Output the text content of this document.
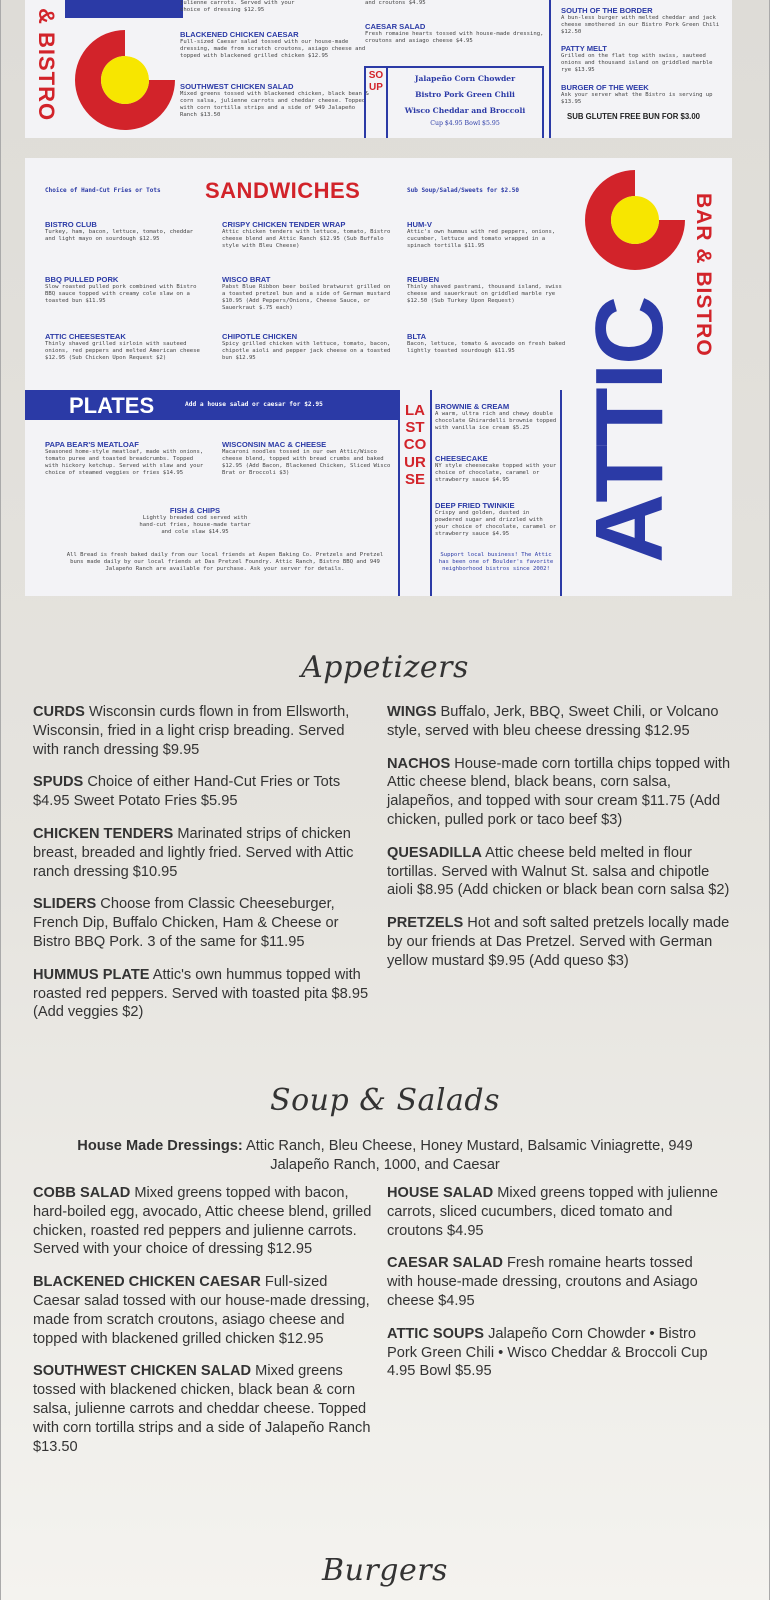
& BISTRO
julienne carrots. Served with your
choice of dressing $12.95
BLACKENED CHICKEN CAESAR
Full-sized Caesar salad tossed with our house-made dressing, made from scratch croutons, asiago cheese and topped with blackened grilled chicken $12.95
SOUTHWEST CHICKEN SALAD
Mixed greens tossed with blackened chicken, black bean & corn salsa, julienne carrots and cheddar cheese. Topped with corn tortilla strips and a side of 949 Jalapeño Ranch $13.50
and croutons $4.95
CAESAR SALAD
Fresh romaine hearts tossed with house-made dressing, croutons and asiago cheese $4.95
SOUP
Jalapeño Corn Chowder
Bistro Pork Green Chili
Wisco Cheddar and Broccoli
Cup $4.95 Bowl $5.95
SOUTH OF THE BORDER
A bun-less burger with melted cheddar and jack cheese smothered in our Bistro Pork Green Chili $12.50
PATTY MELT
Grilled on the flat top with swiss, sauteed onions and thousand island on griddled marble rye $13.95
BURGER OF THE WEEK
Ask your server what the Bistro is serving up $13.95
SUB GLUTEN FREE BUN FOR $3.00
Choice of Hand-Cut Fries or Tots SANDWICHES	Sub Soup/Salad/Sweets for $2.50
BISTRO CLUB
Turkey, ham, bacon, lettuce, tomato, cheddar and light mayo on sourdough $12.95
CRISPY CHICKEN TENDER WRAP
Attic chicken tenders with lettuce, tomato, Bistro cheese blend and Attic Ranch $12.95 (Sub Buffalo style with Bleu Cheese)
HUM-V
Attic's own hummus with red peppers, onions, cucumber, lettuce and tomato wrapped in a spinach tortilla $11.95
BBQ PULLED PORK
Slow roasted pulled pork combined with Bistro BBQ sauce topped with creamy cole slaw on a toasted bun $11.95
WISCO BRAT
Pabst Blue Ribbon beer boiled bratwurst grilled on a toasted pretzel bun and a side of German mustard $10.95 (Add Peppers/Onions, Cheese Sauce, or Sauerkraut $.75 each)
REUBEN
Thinly shaved pastrami, thousand island, swiss cheese and sauerkraut on griddled marble rye $12.50 (Sub Turkey Upon Request)
ATTIC CHEESESTEAK
Thinly shaved grilled sirloin with sauteed onions, red peppers and melted American cheese $12.95 (Sub Chicken Upon Request $2)
CHIPOTLE CHICKEN
Spicy grilled chicken with lettuce, tomato, bacon, chipotle aioli and pepper jack cheese on a toasted bun $12.95
BLTA
Bacon, lettuce, tomato & avocado on fresh baked lightly toasted sourdough $11.95
PLATES	Add a house salad or caesar for $2.95
PAPA BEAR'S MEATLOAF
Seasoned home-style meatloaf, made with onions, tomato puree and toasted breadcrumbs. Topped with hickory ketchup. Served with slaw and your choice of steamed veggies or fries $14.95
WISCONSIN MAC & CHEESE
Macaroni noodles tossed in our own Attic/Wisco cheese blend, topped with bread crumbs and baked $12.95 (Add Bacon, Blackened Chicken, Sliced Wisco Brat or Broccoli $3)
FISH & CHIPS
Lightly breaded cod served with hand-cut fries, house-made tartar and cole slaw $14.95
All Bread is fresh baked daily from our local friends at Aspen Baking Co. Pretzels and Pretzel buns made daily by our local friends at Das Pretzel Foundry. Attic Ranch, Bistro BBQ and 949 Jalapeño Ranch are available for purchase. Ask your server for details.
LAST COURSE
BROWNIE & CREAM
A warm, ultra rich and chewy double chocolate Ghirardelli brownie topped with vanilla ice cream $5.25
CHEESECAKE
NY style cheesecake topped with your choice of chocolate, caramel or strawberry sauce $4.95
DEEP FRIED TWINKIE
Crispy and golden, dusted in powdered sugar and drizzled with your choice of chocolate, caramel or strawberry sauce $4.95
Support local business! The Attic has been one of Boulder's favorite neighborhood bistros since 2002!
ATTIC
BAR & BISTRO
Appetizers

CURDS Wisconsin curds flown in from Ellsworth, Wisconsin, fried in a light crisp breading. Served with ranch dressing $9.95

SPUDS Choice of either Hand-Cut Fries or Tots $4.95 Sweet Potato Fries $5.95

CHICKEN TENDERS Marinated strips of chicken breast, breaded and lightly fried. Served with Attic ranch dressing $10.95

SLIDERS Choose from Classic Cheeseburger, French Dip, Buffalo Chicken, Ham & Cheese or Bistro BBQ Pork. 3 of the same for $11.95

HUMMUS PLATE Attic's own hummus topped with roasted red peppers. Served with toasted pita $8.95 (Add veggies $2)

WINGS Buffalo, Jerk, BBQ, Sweet Chili, or Volcano style, served with bleu cheese dressing $12.95

NACHOS House-made corn tortilla chips topped with Attic cheese blend, black beans, corn salsa, jalapeños, and topped with sour cream $11.75 (Add chicken, pulled pork or taco beef $3)

QUESADILLA Attic cheese beld melted in flour tortillas. Served with Walnut St. salsa and chipotle aioli $8.95 (Add chicken or black bean corn salsa $2)

PRETZELS Hot and soft salted pretzels locally made by our friends at Das Pretzel. Served with German yellow mustard $9.95 (Add queso $3)

Soup & Salads
House Made Dressings: Attic Ranch, Bleu Cheese, Honey Mustard, Balsamic Viniagrette, 949 Jalapeño Ranch, 1000, and Caesar

COBB SALAD Mixed greens topped with bacon, hard-boiled egg, avocado, Attic cheese blend, grilled chicken, roasted red peppers and julienne carrots. Served with your choice of dressing $12.95

BLACKENED CHICKEN CAESAR Full-sized Caesar salad tossed with our house-made dressing, made from scratch croutons, asiago cheese and topped with blackened grilled chicken $12.95

SOUTHWEST CHICKEN SALAD Mixed greens tossed with blackened chicken, black bean & corn salsa, julienne carrots and cheddar cheese. Topped with corn tortilla strips and a side of Jalapeño Ranch $13.50

HOUSE SALAD Mixed greens topped with julienne carrots, sliced cucumbers, diced tomato and croutons $4.95

CAESAR SALAD Fresh romaine hearts tossed with house-made dressing, croutons and Asiago cheese $4.95

ATTIC SOUPS Jalapeño Corn Chowder • Bistro Pork Green Chili • Wisco Cheddar & Broccoli Cup 4.95 Bowl $5.95

Burgers
